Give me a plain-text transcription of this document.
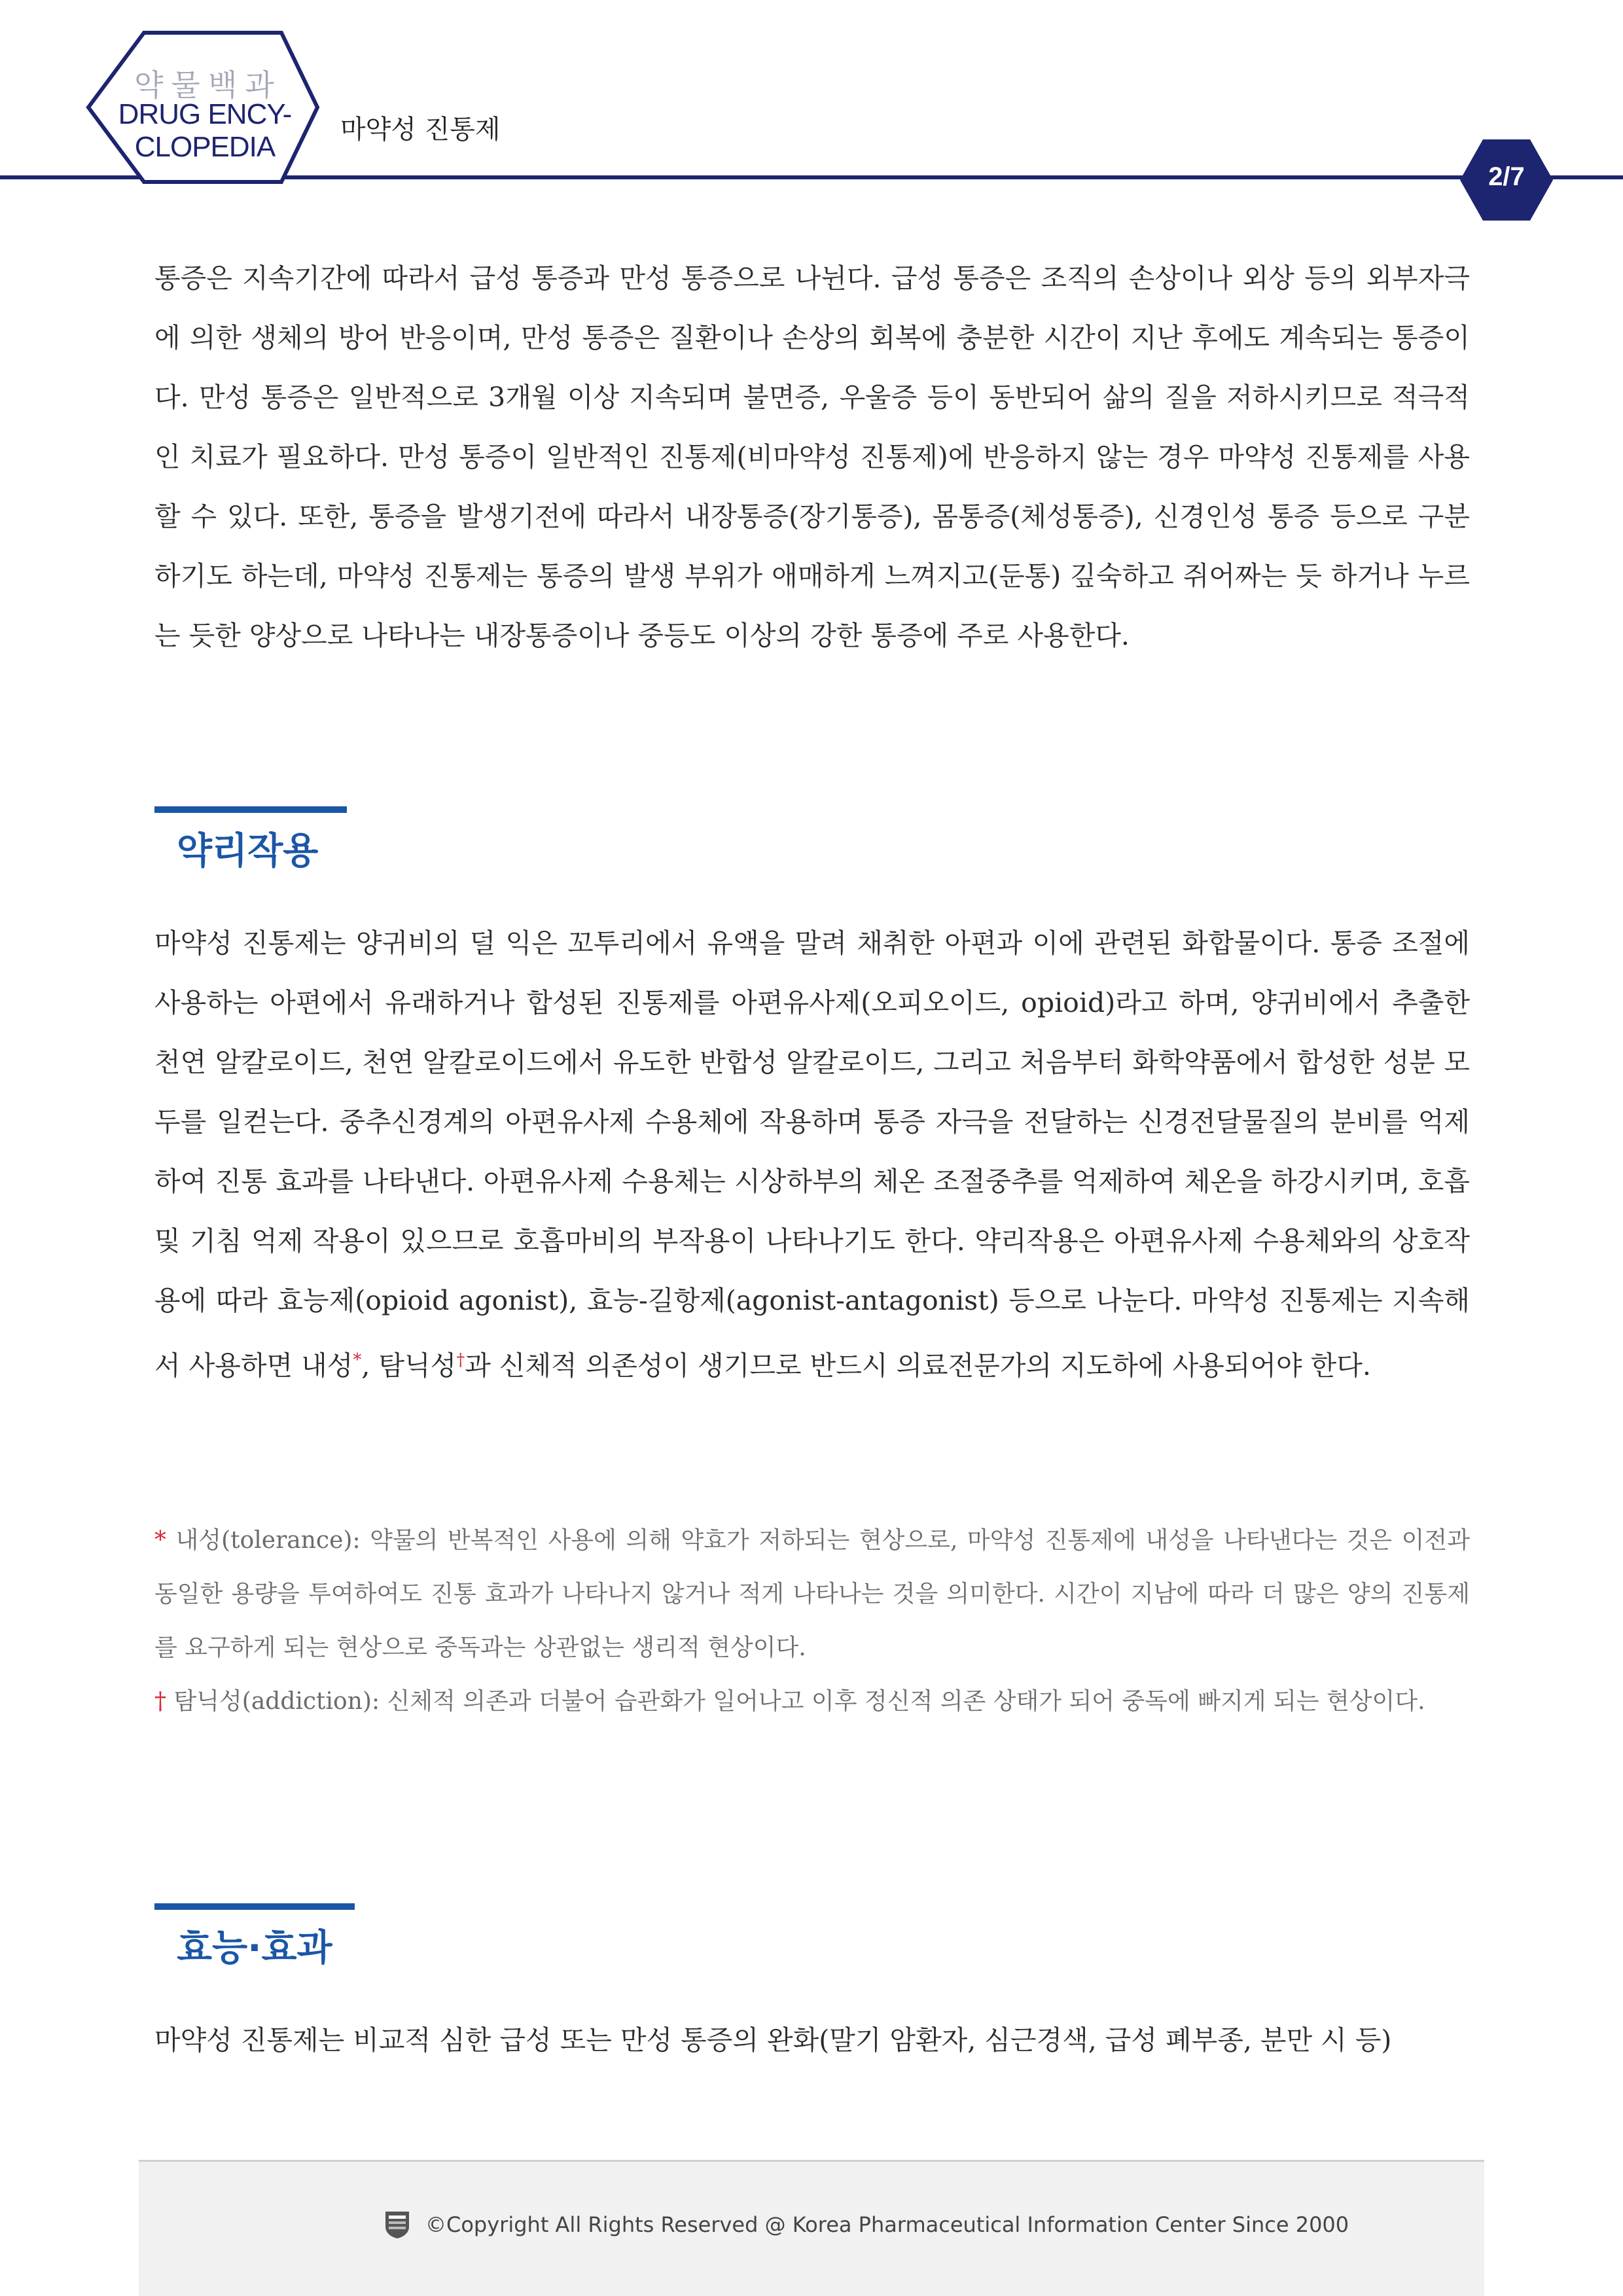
약물백과
DRUG ENCY-
CLOPEDIA
마약성 진통제
2/7
통증은 지속기간에 따라서 급성 통증과 만성 통증으로 나뉜다. 급성 통증은 조직의 손상이나 외상 등의 외부자극에 의한 생체의 방어 반응이며, 만성 통증은 질환이나 손상의 회복에 충분한 시간이 지난 후에도 계속되는 통증이다. 만성 통증은 일반적으로 3개월 이상 지속되며 불면증, 우울증 등이 동반되어 삶의 질을 저하시키므로 적극적인 치료가 필요하다. 만성 통증이 일반적인 진통제(비마약성 진통제)에 반응하지 않는 경우 마약성 진통제를 사용할 수 있다. 또한, 통증을 발생기전에 따라서 내장통증(장기통증), 몸통증(체성통증), 신경인성 통증 등으로 구분하기도 하는데, 마약성 진통제는 통증의 발생 부위가 애매하게 느껴지고(둔통) 깊숙하고 쥐어짜는 듯 하거나 누르는 듯한 양상으로 나타나는 내장통증이나 중등도 이상의 강한 통증에 주로 사용한다.
약리작용
마약성 진통제는 양귀비의 덜 익은 꼬투리에서 유액을 말려 채취한 아편과 이에 관련된 화합물이다. 통증 조절에 사용하는 아편에서 유래하거나 합성된 진통제를 아편유사제(오피오이드, opioid)라고 하며, 양귀비에서 추출한 천연 알칼로이드, 천연 알칼로이드에서 유도한 반합성 알칼로이드, 그리고 처음부터 화학약품에서 합성한 성분 모두를 일컫는다. 중추신경계의 아편유사제 수용체에 작용하며 통증 자극을 전달하는 신경전달물질의 분비를 억제하여 진통 효과를 나타낸다. 아편유사제 수용체는 시상하부의 체온 조절중추를 억제하여 체온을 하강시키며, 호흡 및 기침 억제 작용이 있으므로 호흡마비의 부작용이 나타나기도 한다. 약리작용은 아편유사제 수용체와의 상호작용에 따라 효능제(opioid agonist), 효능-길항제(agonist-antagonist) 등으로 나눈다. 마약성 진통제는 지속해서 사용하면 내성*, 탐닉성†과 신체적 의존성이 생기므로 반드시 의료전문가의 지도하에 사용되어야 한다.
* 내성(tolerance): 약물의 반복적인 사용에 의해 약효가 저하되는 현상으로, 마약성 진통제에 내성을 나타낸다는 것은 이전과 동일한 용량을 투여하여도 진통 효과가 나타나지 않거나 적게 나타나는 것을 의미한다. 시간이 지남에 따라 더 많은 양의 진통제를 요구하게 되는 현상으로 중독과는 상관없는 생리적 현상이다.
† 탐닉성(addiction): 신체적 의존과 더불어 습관화가 일어나고 이후 정신적 의존 상태가 되어 중독에 빠지게 되는 현상이다.
효능·효과
마약성 진통제는 비교적 심한 급성 또는 만성 통증의 완화(말기 암환자, 심근경색, 급성 폐부종, 분만 시 등)
©Copyright All Rights Reserved @ Korea Pharmaceutical Information Center Since 2000
